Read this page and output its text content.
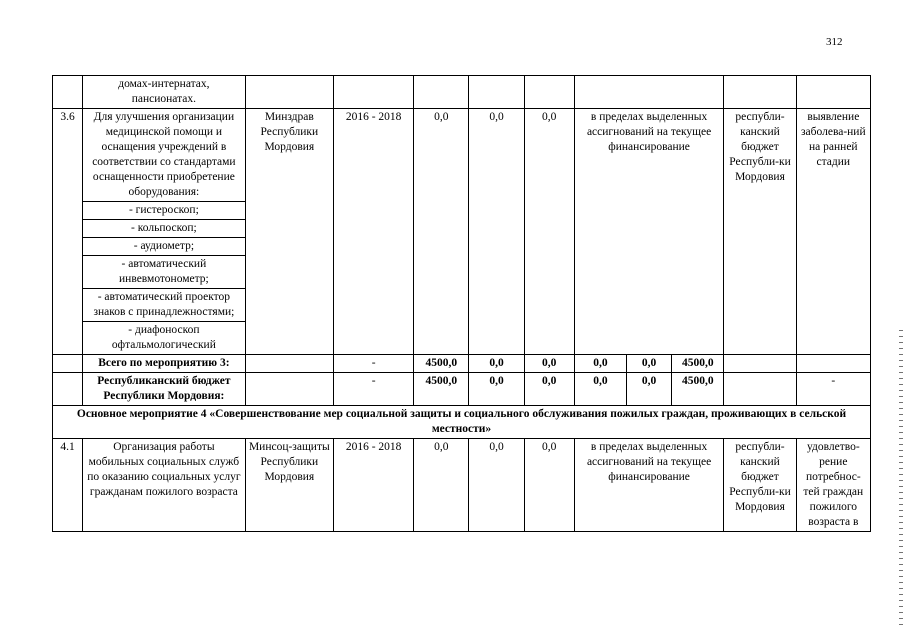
312
	домах-интернатах, пансионатах.										
3.6	Для улучшения организации медицинской помощи и оснащения учреждений в соответствии со стандартами оснащенности приобретение оборудования:	Минздрав Республики Мордовия	2016 - 2018	0,0	0,0	0,0	в пределах выделенных ассигнований на текущее финансирование			республи-канский бюджет Республи-ки Мордовия	выявление заболева-ний на ранней стадии
	- гистероскоп;										
	- кольпоскоп;										
	- аудиометр;										
	- автоматический инвевмотонометр;										
	- автоматический проектор знаков с принадлежностями;										
	- диафоноскоп офтальмологический										
	Всего по мероприятию 3:		-	4500,0	0,0	0,0	0,0	0,0	4500,0		
	Республиканский бюджет Республики Мордовия:		-	4500,0	0,0	0,0	0,0	0,0	4500,0		-
Основное мероприятие 4 «Совершенствование мер социальной защиты и социального обслуживания пожилых граждан, проживающих в сельской местности»											
4.1	Организация работы мобильных социальных служб по оказанию социальных услуг гражданам пожилого возраста	Минсоц-защиты Республики Мордовия	2016 - 2018	0,0	0,0	0,0	в пределах выделенных ассигнований на текущее финансирование			республи-канский бюджет Республи-ки Мордовия	удовлетво-рение потребнос-тей граждан пожилого возраста в
